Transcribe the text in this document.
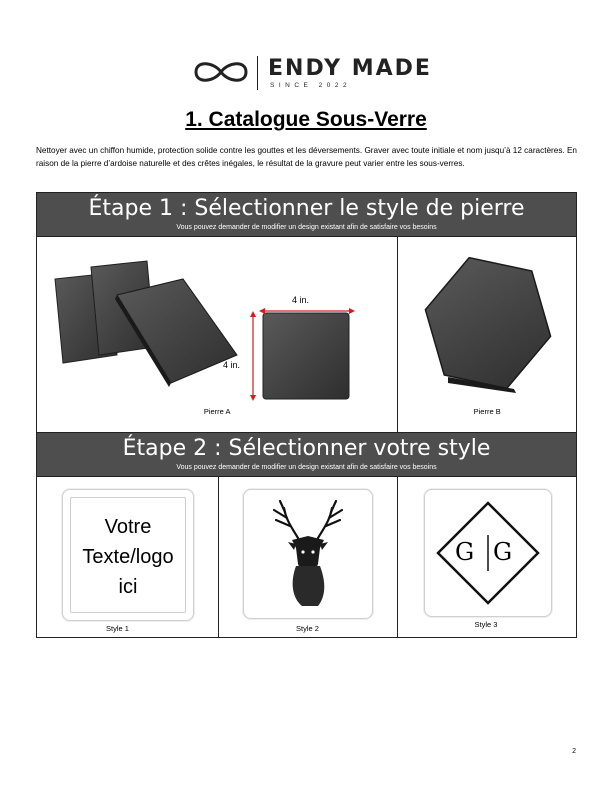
ENDY MADE
SINCE 2022
1. Catalogue Sous-Verre
Nettoyer avec un chiffon humide, protection solide contre les gouttes et les déversements. Graver avec toute initiale et nom jusqu’à 12 caractères. En raison de la pierre d’ardoise naturelle et des crêtes inégales, le résultat de la gravure peut varier entre les sous-verres.
Étape 1 : Sélectionner le style de pierre
Vous pouvez demander de modifier un design existant afin de satisfaire vos besoins

4 in.
4 in.
Pierre A	Pierre B

Étape 2 : Sélectionner votre style
Vous pouvez demander de modifier un design existant afin de satisfaire vos besoins

Votre
Texte/logo
ici
Style 1	Style 2
G G
Style 3
2
